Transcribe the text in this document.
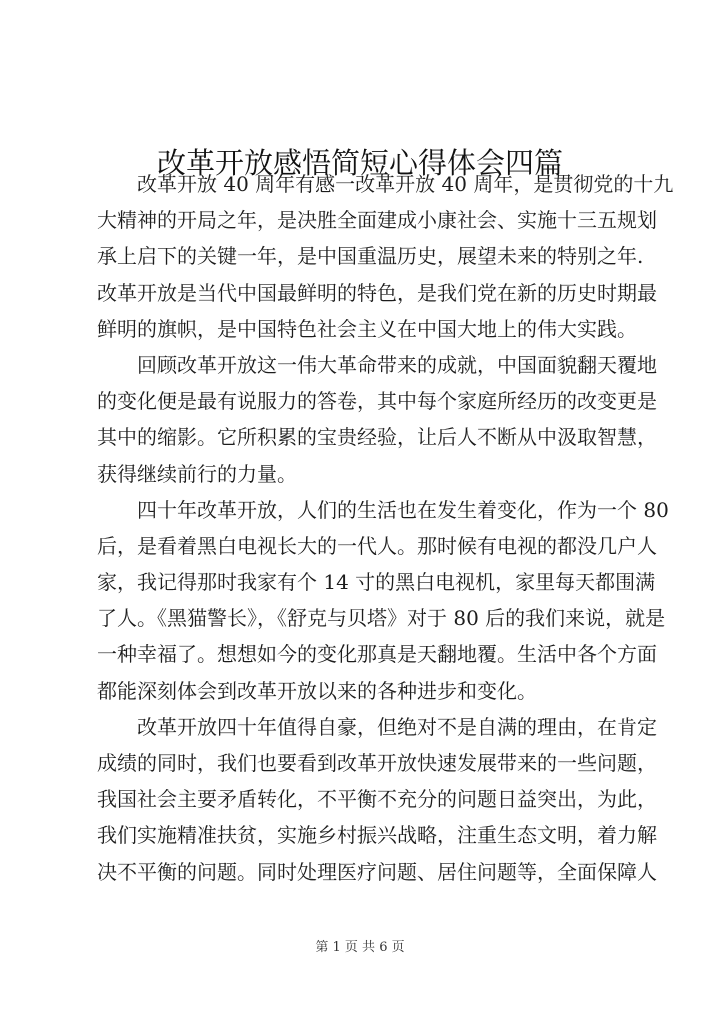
改革开放感悟简短心得体会四篇
改革开放 40 周年有感一改革开放 40 周年，是贯彻党的十九
大精神的开局之年，是决胜全面建成小康社会、实施十三五规划
承上启下的关键一年，是中国重温历史，展望未来的特别之年.
改革开放是当代中国最鲜明的特色，是我们党在新的历史时期最
鲜明的旗帜，是中国特色社会主义在中国大地上的伟大实践。
回顾改革开放这一伟大革命带来的成就，中国面貌翻天覆地
的变化便是最有说服力的答卷，其中每个家庭所经历的改变更是
其中的缩影。它所积累的宝贵经验，让后人不断从中汲取智慧，
获得继续前行的力量。
四十年改革开放，人们的生活也在发生着变化，作为一个 80
后，是看着黑白电视长大的一代人。那时候有电视的都没几户人
家，我记得那时我家有个 14 寸的黑白电视机，家里每天都围满
了人。《黑猫警长》，《舒克与贝塔》对于 80 后的我们来说，就是
一种幸福了。想想如今的变化那真是天翻地覆。生活中各个方面
都能深刻体会到改革开放以来的各种进步和变化。
改革开放四十年值得自豪，但绝对不是自满的理由，在肯定
成绩的同时，我们也要看到改革开放快速发展带来的一些问题，
我国社会主要矛盾转化，不平衡不充分的问题日益突出，为此，
我们实施精准扶贫，实施乡村振兴战略，注重生态文明，着力解
决不平衡的问题。同时处理医疗问题、居住问题等，全面保障人
第 1 页 共 6 页
